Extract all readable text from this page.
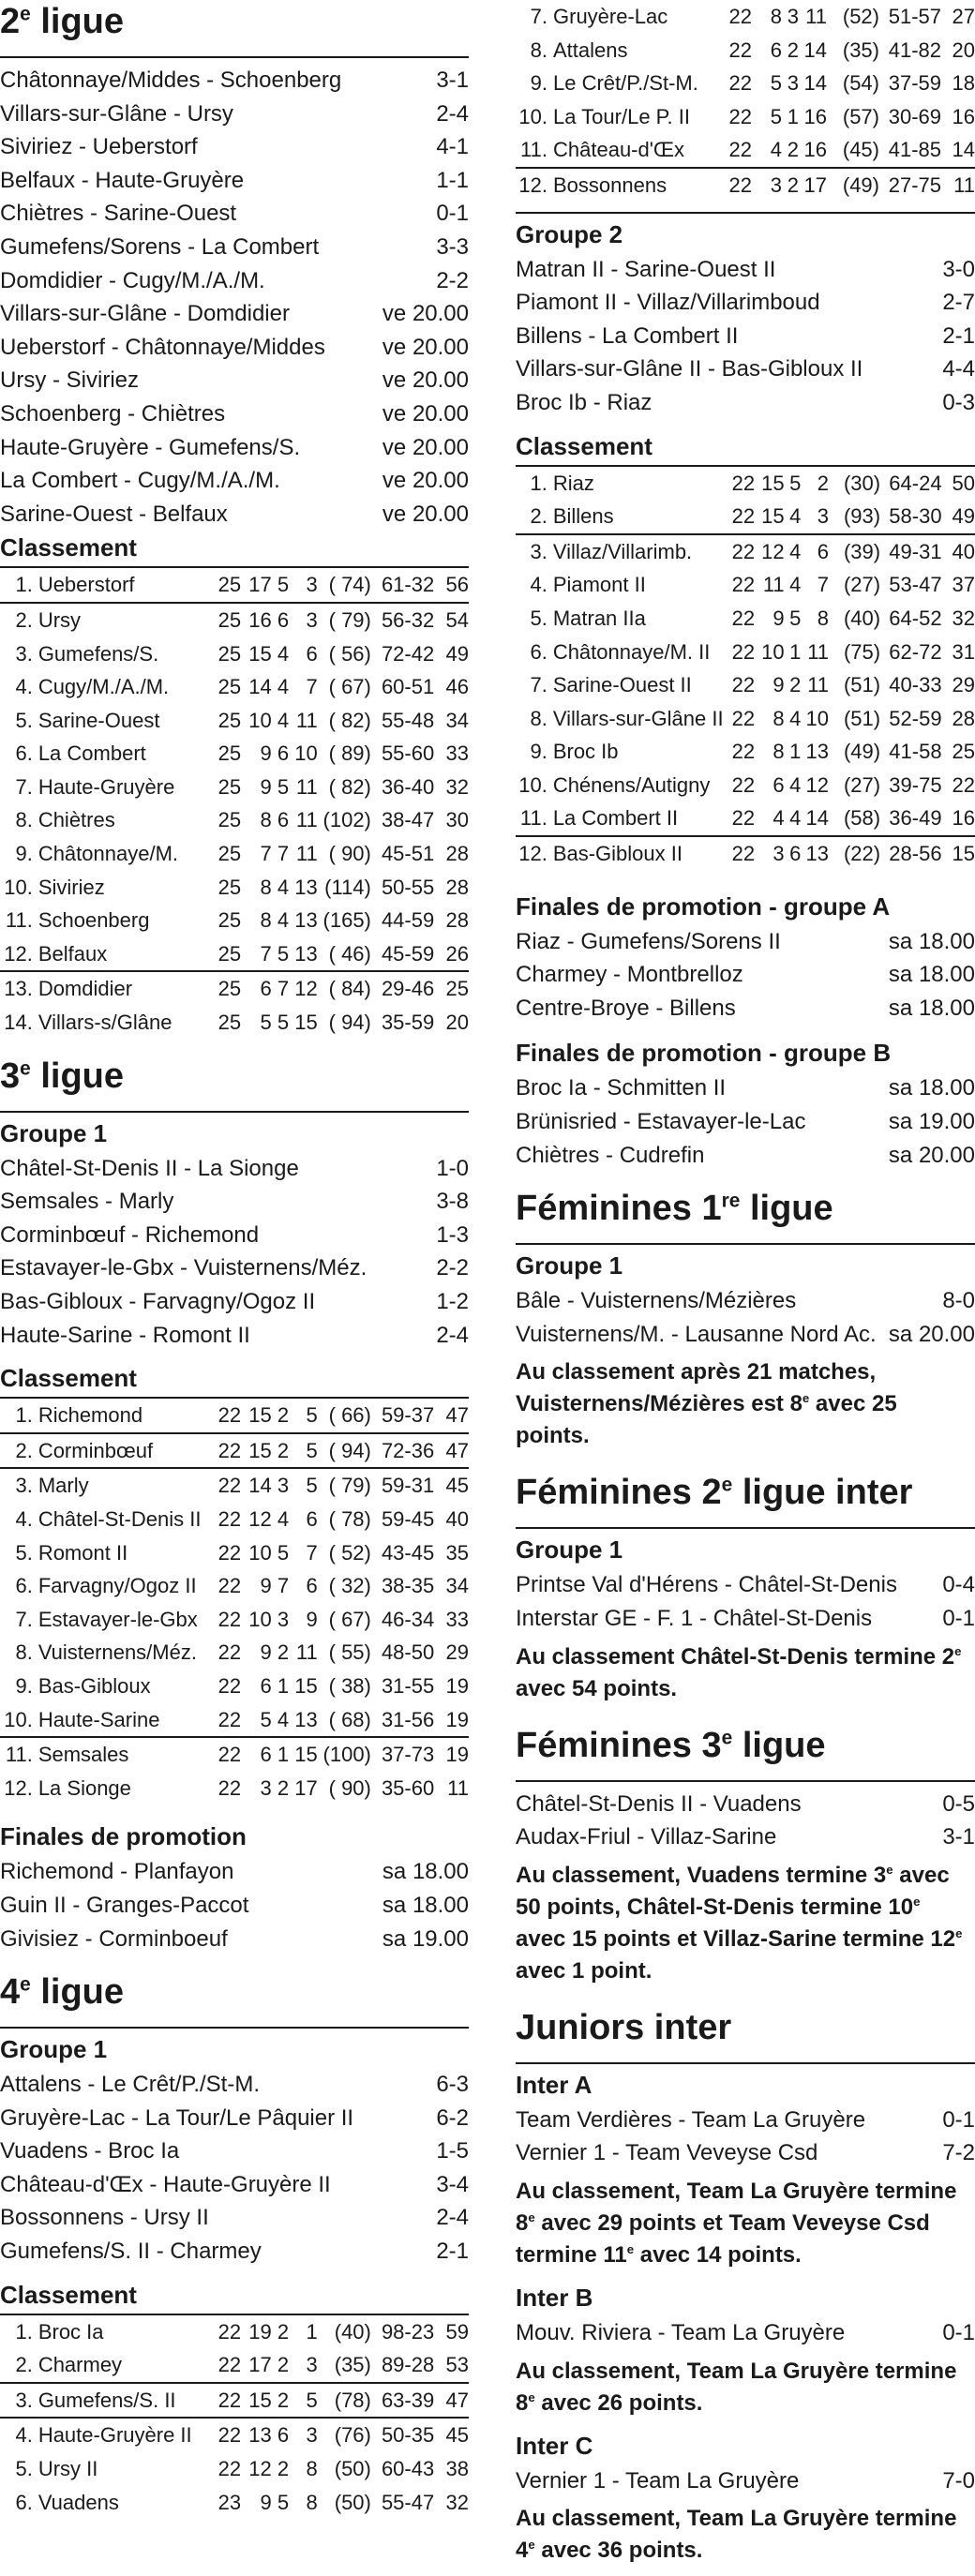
2e ligue
Châtonnaye/Middes - Schoenberg	3-1
Villars-sur-Glâne - Ursy	2-4
Siviriez - Ueberstorf	4-1
Belfaux - Haute-Gruyère	1-1
Chiètres - Sarine-Ouest	0-1
Gumefens/Sorens - La Combert	3-3
Domdidier - Cugy/M./A./M.	2-2
Villars-sur-Glâne - Domdidier	ve 20.00
Ueberstorf - Châtonnaye/Middes	ve 20.00
Ursy - Siviriez	ve 20.00
Schoenberg - Chiètres	ve 20.00
Haute-Gruyère - Gumefens/S.	ve 20.00
La Combert - Cugy/M./A./M.	ve 20.00
Sarine-Ouest - Belfaux	ve 20.00
Classement
1.	Ueberstorf	25	17	5	3	( 74)	61-32	56
2.	Ursy	25	16	6	3	( 79)	56-32	54
3.	Gumefens/S.	25	15	4	6	( 56)	72-42	49
4.	Cugy/M./A./M.	25	14	4	7	( 67)	60-51	46
5.	Sarine-Ouest	25	10	4	11	( 82)	55-48	34
6.	La Combert	25	9	6	10	( 89)	55-60	33
7.	Haute-Gruyère	25	9	5	11	( 82)	36-40	32
8.	Chiètres	25	8	6	11	(102)	38-47	30
9.	Châtonnaye/M.	25	7	7	11	( 90)	45-51	28
10.	Siviriez	25	8	4	13	(114)	50-55	28
11.	Schoenberg	25	8	4	13	(165)	44-59	28
12.	Belfaux	25	7	5	13	( 46)	45-59	26
13.	Domdidier	25	6	7	12	( 84)	29-46	25
14.	Villars-s/Glâne	25	5	5	15	( 94)	35-59	20
3e ligue
Groupe 1
Châtel-St-Denis II - La Sionge	1-0
Semsales - Marly	3-8
Corminbœuf - Richemond	1-3
Estavayer-le-Gbx - Vuisternens/Méz.	2-2
Bas-Gibloux - Farvagny/Ogoz II	1-2
Haute-Sarine - Romont II	2-4
Classement
1.	Richemond	22	15	2	5	( 66)	59-37	47
2.	Corminbœuf	22	15	2	5	( 94)	72-36	47
3.	Marly	22	14	3	5	( 79)	59-31	45
4.	Châtel-St-Denis II	22	12	4	6	( 78)	59-45	40
5.	Romont II	22	10	5	7	( 52)	43-45	35
6.	Farvagny/Ogoz II	22	9	7	6	( 32)	38-35	34
7.	Estavayer-le-Gbx	22	10	3	9	( 67)	46-34	33
8.	Vuisternens/Méz.	22	9	2	11	( 55)	48-50	29
9.	Bas-Gibloux	22	6	1	15	( 38)	31-55	19
10.	Haute-Sarine	22	5	4	13	( 68)	31-56	19
11.	Semsales	22	6	1	15	(100)	37-73	19
12.	La Sionge	22	3	2	17	( 90)	35-60	11
Finales de promotion
Richemond - Planfayon	sa 18.00
Guin II - Granges-Paccot	sa 18.00
Givisiez - Corminboeuf	sa 19.00
4e ligue
Groupe 1
Attalens - Le Crêt/P./St-M.	6-3
Gruyère-Lac - La Tour/Le Pâquier II	6-2
Vuadens - Broc Ia	1-5
Château-d'Œx - Haute-Gruyère II	3-4
Bossonnens - Ursy II	2-4
Gumefens/S. II - Charmey	2-1
Classement
1.	Broc Ia	22	19	2	1	(40)	98-23	59
2.	Charmey	22	17	2	3	(35)	89-28	53
3.	Gumefens/S. II	22	15	2	5	(78)	63-39	47
4.	Haute-Gruyère II	22	13	6	3	(76)	50-35	45
5.	Ursy II	22	12	2	8	(50)	60-43	38
6.	Vuadens	23	9	5	8	(50)	55-47	32
7.	Gruyère-Lac	22	8	3	11	(52)	51-57	27
8.	Attalens	22	6	2	14	(35)	41-82	20
9.	Le Crêt/P./St-M.	22	5	3	14	(54)	37-59	18
10.	La Tour/Le P. II	22	5	1	16	(57)	30-69	16
11.	Château-d'Œx	22	4	2	16	(45)	41-85	14
12.	Bossonnens	22	3	2	17	(49)	27-75	11
Groupe 2
Matran II - Sarine-Ouest II	3-0
Piamont II - Villaz/Villarimboud	2-7
Billens - La Combert II	2-1
Villars-sur-Glâne II - Bas-Gibloux II	4-4
Broc Ib - Riaz	0-3
Classement
1.	Riaz	22	15	5	2	(30)	64-24	50
2.	Billens	22	15	4	3	(93)	58-30	49
3.	Villaz/Villarimb.	22	12	4	6	(39)	49-31	40
4.	Piamont II	22	11	4	7	(27)	53-47	37
5.	Matran IIa	22	9	5	8	(40)	64-52	32
6.	Châtonnaye/M. II	22	10	1	11	(75)	62-72	31
7.	Sarine-Ouest II	22	9	2	11	(51)	40-33	29
8.	Villars-sur-Glâne II	22	8	4	10	(51)	52-59	28
9.	Broc Ib	22	8	1	13	(49)	41-58	25
10.	Chénens/Autigny	22	6	4	12	(27)	39-75	22
11.	La Combert II	22	4	4	14	(58)	36-49	16
12.	Bas-Gibloux II	22	3	6	13	(22)	28-56	15
Finales de promotion - groupe A
Riaz - Gumefens/Sorens II	sa 18.00
Charmey - Montbrelloz	sa 18.00
Centre-Broye - Billens	sa 18.00
Finales de promotion - groupe B
Broc Ia - Schmitten II	sa 18.00
Brünisried - Estavayer-le-Lac	sa 19.00
Chiètres - Cudrefin	sa 20.00
Féminines 1re ligue
Groupe 1
Bâle - Vuisternens/Mézières	8-0
Vuisternens/M. - Lausanne Nord Ac. sa 20.00
Au classement après 21 matches, Vuisternens/Mézières est 8e avec 25 points.
Féminines 2e ligue inter
Groupe 1
Printse Val d'Hérens - Châtel-St-Denis 0-4
Interstar GE - F. 1 - Châtel-St-Denis	0-1
Au classement Châtel-St-Denis termine 2e avec 54 points.
Féminines 3e ligue
Châtel-St-Denis II - Vuadens	0-5
Audax-Friul - Villaz-Sarine	3-1
Au classement, Vuadens termine 3e avec 50 points, Châtel-St-Denis termine 10e avec 15 points et Villaz-Sarine termine 12e avec 1 point.
Juniors inter
Inter A
Team Verdières - Team La Gruyère	0-1
Vernier 1 - Team Veveyse Csd	7-2
Au classement, Team La Gruyère termine 8e avec 29 points et Team Veveyse Csd termine 11e avec 14 points.
Inter B
Mouv. Riviera - Team La Gruyère	0-1
Au classement, Team La Gruyère termine 8e avec 26 points.
Inter C
Vernier 1 - Team La Gruyère	7-0
Au classement, Team La Gruyère termine 4e avec 36 points.
